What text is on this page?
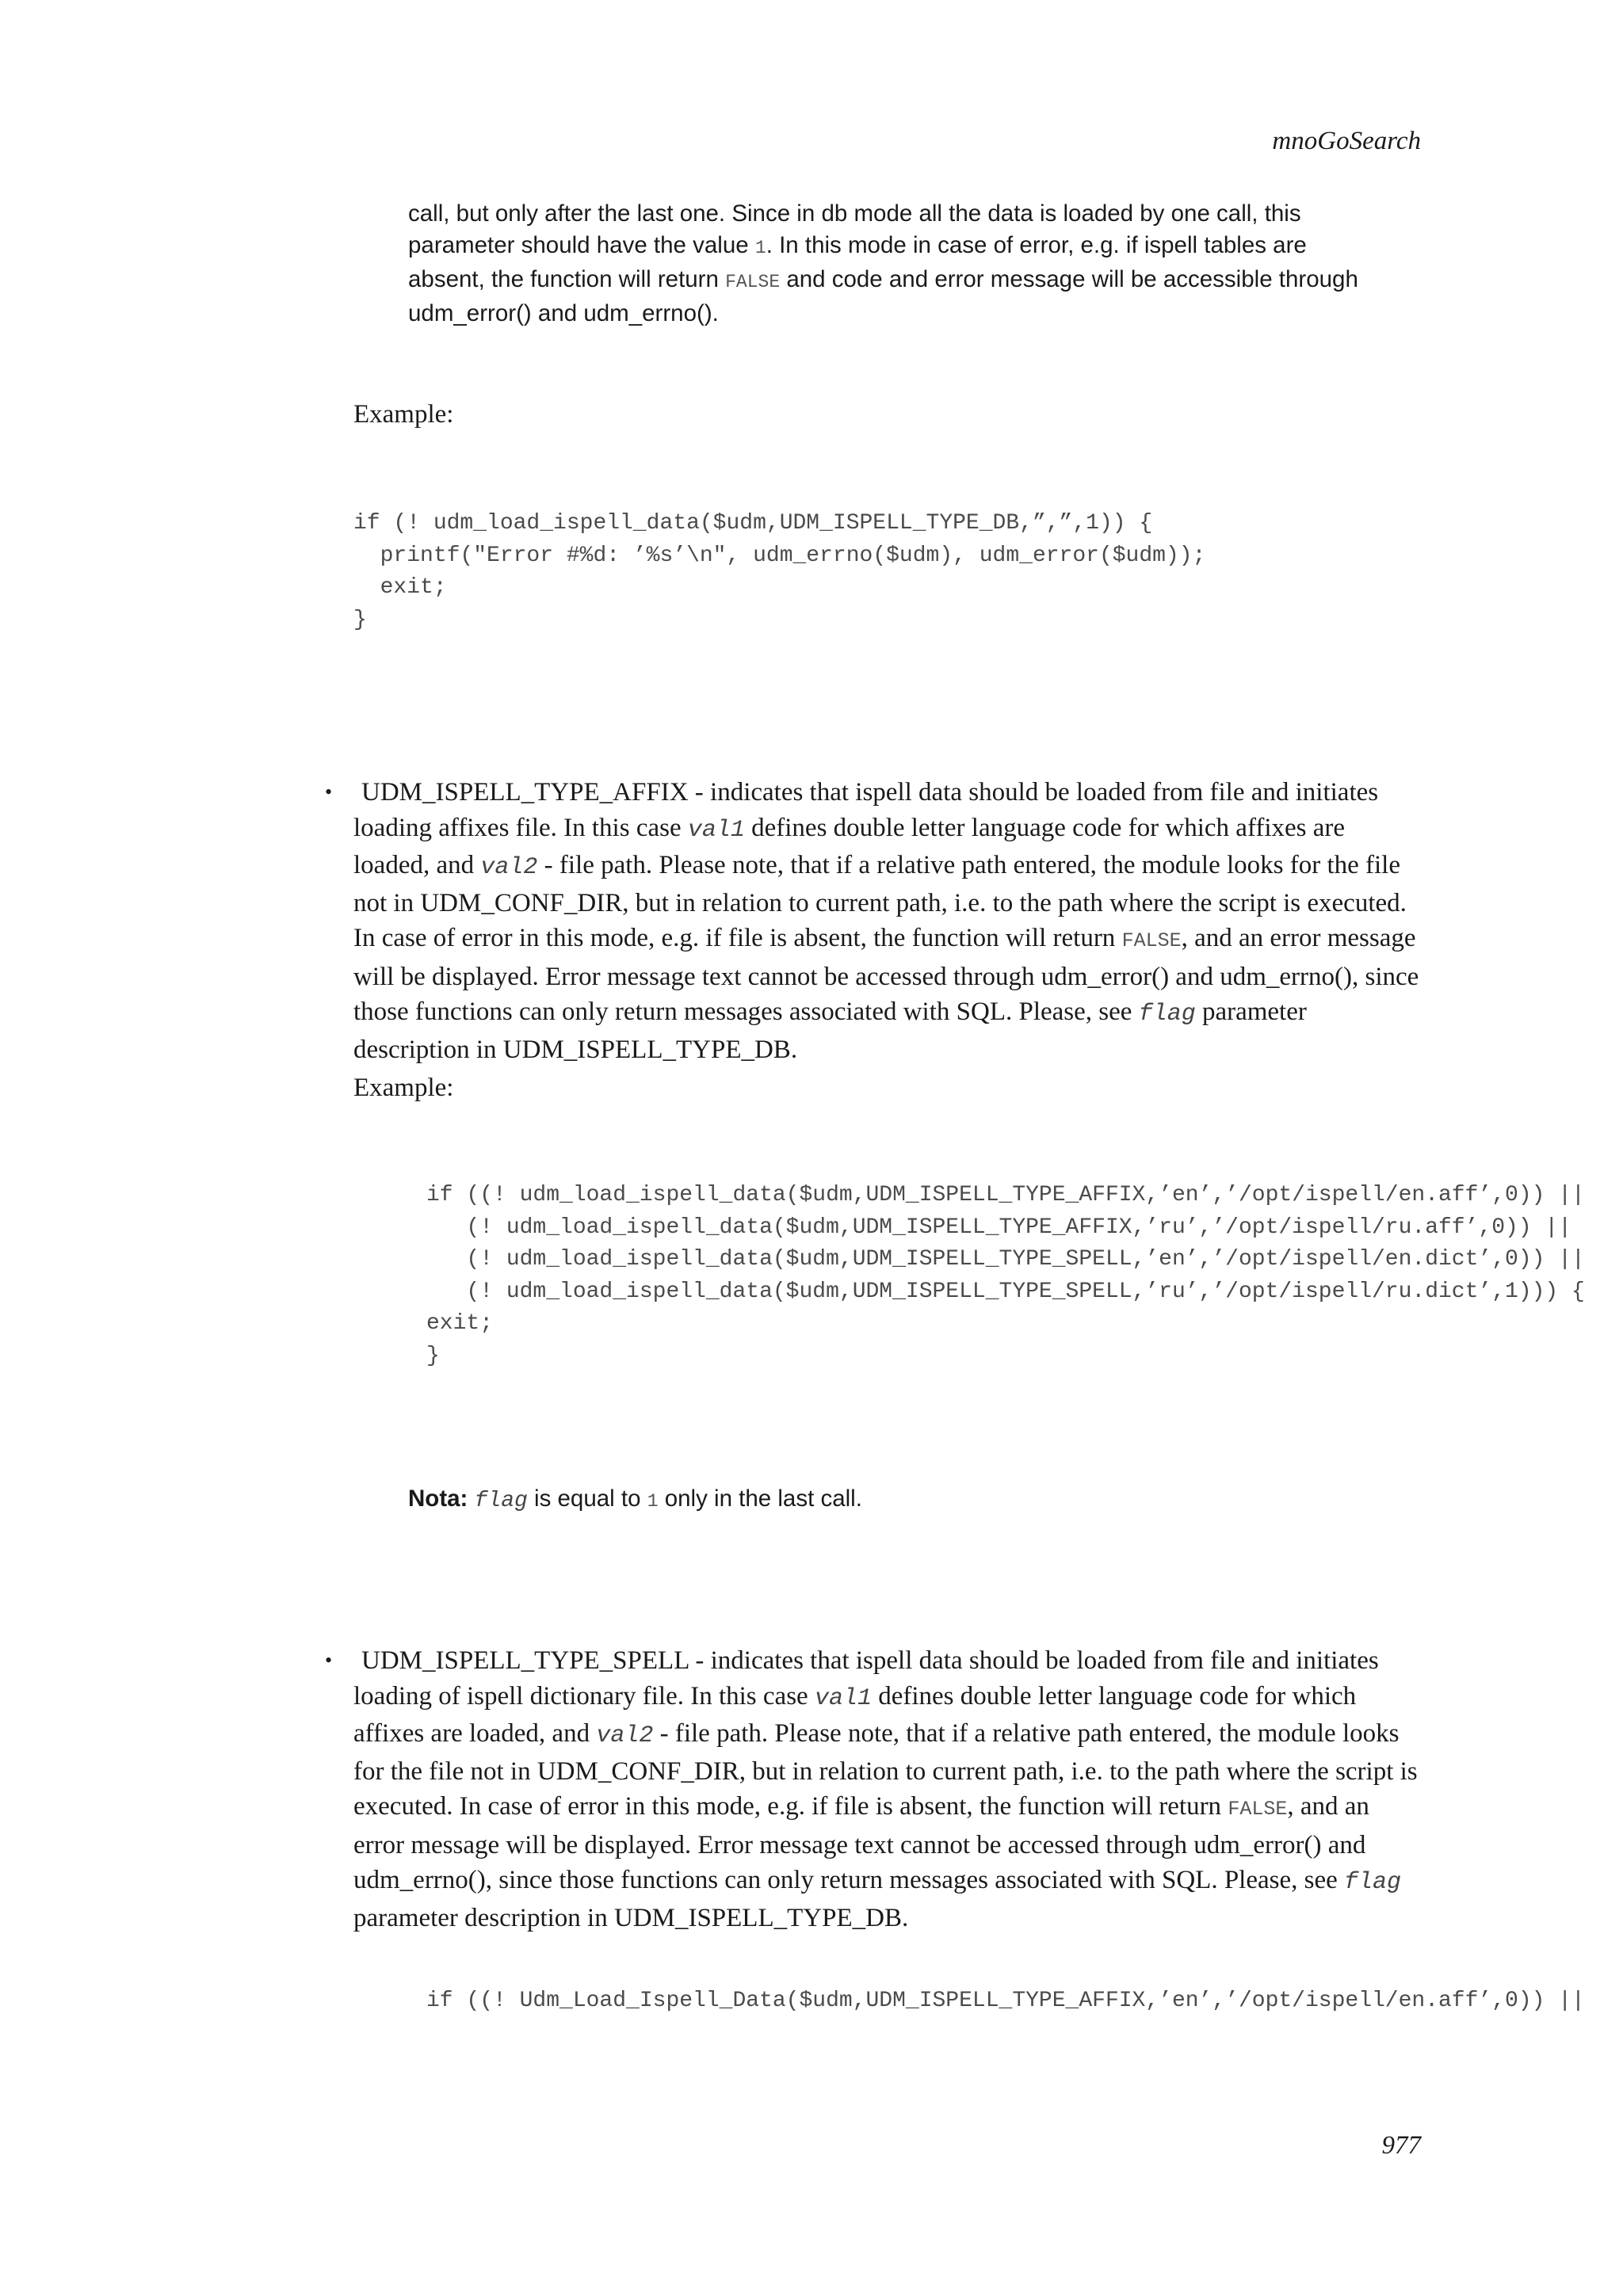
mnoGoSearch
call, but only after the last one. Since in db mode all the data is loaded by one call, this
parameter should have the value 1. In this mode in case of error, e.g. if ispell tables are
absent, the function will return FALSE and code and error message will be accessible through
udm_error() and udm_errno().
Example:
if (! udm_load_ispell_data($udm,UDM_ISPELL_TYPE_DB,”,”,1)) {
printf("Error #%d: ’%s’\n", udm_errno($udm), udm_error($udm));
exit;
}
•	UDM_ISPELL_TYPE_AFFIX - indicates that ispell data should be loaded from file and initiates loading affixes file. In this case val1 defines double letter language code for which affixes are loaded, and val2 - file path. Please note, that if a relative path entered, the module looks for the file not in UDM_CONF_DIR, but in relation to current path, i.e. to the path where the script is executed. In case of error in this mode, e.g. if file is absent, the function will return FALSE, and an error message will be displayed. Error message text cannot be accessed through udm_error() and udm_errno(), since those functions can only return messages associated with SQL. Please, see flag parameter description in UDM_ISPELL_TYPE_DB.
Example:
if ((! udm_load_ispell_data($udm,UDM_ISPELL_TYPE_AFFIX,’en’,’/opt/ispell/en.aff’,0)) ||
(! udm_load_ispell_data($udm,UDM_ISPELL_TYPE_AFFIX,’ru’,’/opt/ispell/ru.aff’,0)) ||
(! udm_load_ispell_data($udm,UDM_ISPELL_TYPE_SPELL,’en’,’/opt/ispell/en.dict’,0)) ||
(! udm_load_ispell_data($udm,UDM_ISPELL_TYPE_SPELL,’ru’,’/opt/ispell/ru.dict’,1))) {
exit;
}
Nota: flag is equal to 1 only in the last call.
•	UDM_ISPELL_TYPE_SPELL - indicates that ispell data should be loaded from file and initiates loading of ispell dictionary file. In this case val1 defines double letter language code for which affixes are loaded, and val2 - file path. Please note, that if a relative path entered, the module looks for the file not in UDM_CONF_DIR, but in relation to current path, i.e. to the path where the script is executed. In case of error in this mode, e.g. if file is absent, the function will return FALSE, and an error message will be displayed. Error message text cannot be accessed through udm_error() and udm_errno(), since those functions can only return messages associated with SQL. Please, see flag parameter description in UDM_ISPELL_TYPE_DB.
if ((! Udm_Load_Ispell_Data($udm,UDM_ISPELL_TYPE_AFFIX,’en’,’/opt/ispell/en.aff’,0)) ||
977
